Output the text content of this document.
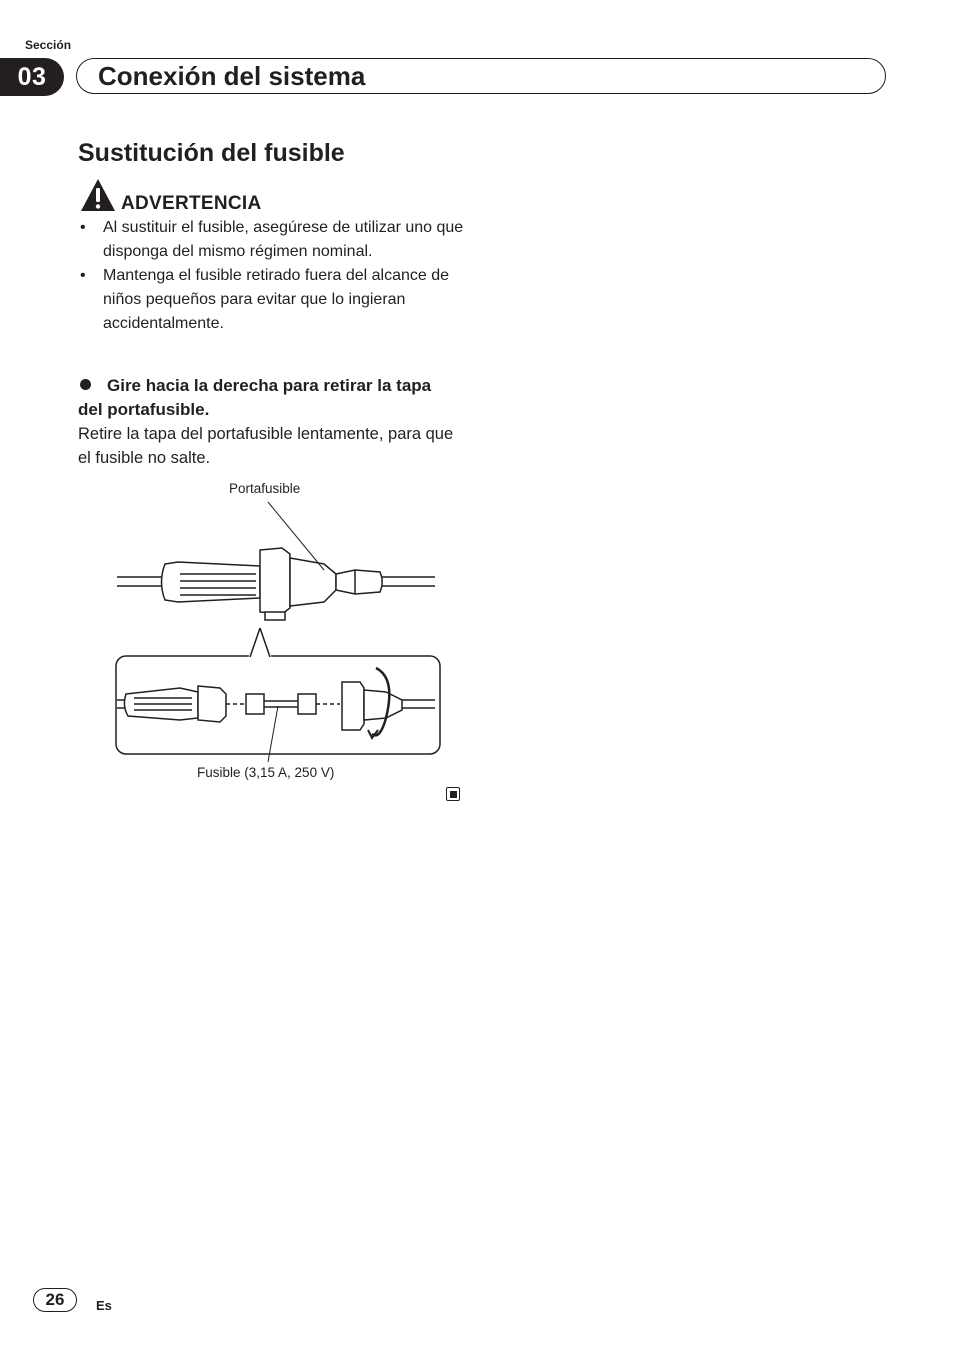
Sección
03	Conexión del sistema
Sustitución del fusible
ADVERTENCIA

• Al sustituir el fusible, asegúrese de utilizar uno que disponga del mismo régimen nominal.

• Mantenga el fusible retirado fuera del alcance de niños pequeños para evitar que lo ingieran accidentalmente.

Gire hacia la derecha para retirar la tapa del portafusible.
Retire la tapa del portafusible lentamente, para que el fusible no salte.
Portafusible
Fusible (3,15 A, 250 V)
26	Es
